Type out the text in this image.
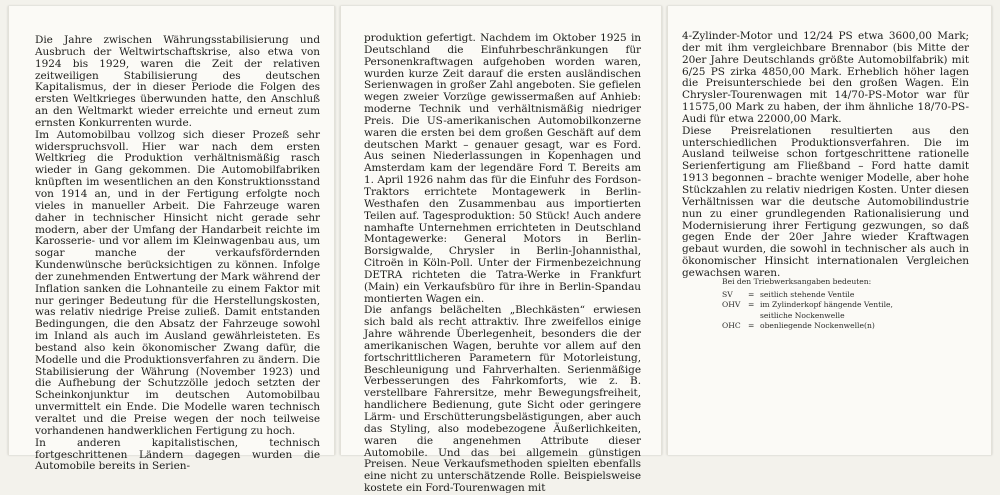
Die Jahre zwischen Währungsstabilisierung und Ausbruch der Weltwirtschaftskrise, also etwa von 1924 bis 1929, waren die Zeit der relativen zeitweiligen Stabilisierung des deutschen Kapitalismus, der in dieser Periode die Folgen des ersten Weltkrieges überwunden hatte, den Anschluß an den Weltmarkt wieder erreichte und erneut zum ernsten Konkurrenten wurde.

Im Automobilbau vollzog sich dieser Prozeß sehr widerspruchsvoll. Hier war nach dem ersten Weltkrieg die Produktion verhältnismäßig rasch wieder in Gang gekommen. Die Automobilfabriken knüpften im wesentlichen an den Konstruktionsstand von 1914 an, und in der Fertigung erfolgte noch vieles in manueller Arbeit. Die Fahrzeuge waren daher in technischer Hinsicht nicht gerade sehr modern, aber der Umfang der Handarbeit reichte im Karosserie- und vor allem im Kleinwagenbau aus, um sogar manche der verkaufsfördernden Kundenwünsche berücksichtigen zu können. Infolge der zunehmenden Entwertung der Mark während der Inflation sanken die Lohnanteile zu einem Faktor mit nur geringer Bedeutung für die Herstellungskosten, was relativ niedrige Preise zuließ. Damit entstanden Bedingungen, die den Absatz der Fahrzeuge sowohl im Inland als auch im Ausland gewährleisteten. Es bestand also kein ökonomischer Zwang dafür, die Modelle und die Produktionsverfahren zu ändern. Die Stabilisierung der Währung (November 1923) und die Aufhebung der Schutzzölle jedoch setzten der Scheinkonjunktur im deutschen Automobilbau unvermittelt ein Ende. Die Modelle waren technisch veraltet und die Preise wegen der noch teilweise vorhandenen handwerklichen Fertigung zu hoch.

In anderen kapitalistischen, technisch fortgeschrittenen Ländern dagegen wurden die Automobile bereits in Serien-

produktion gefertigt. Nachdem im Oktober 1925 in Deutschland die Einfuhrbeschränkungen für Personenkraftwagen aufgehoben worden waren, wurden kurze Zeit darauf die ersten ausländischen Serienwagen in großer Zahl angeboten. Sie gefielen wegen zweier Vorzüge gewissermaßen auf Anhieb: moderne Technik und verhältnismäßig niedriger Preis. Die US-amerikanischen Automobilkonzerne waren die ersten bei dem großen Geschäft auf dem deutschen Markt – genauer gesagt, war es Ford. Aus seinen Niederlassungen in Kopenhagen und Amsterdam kam der legendäre Ford T. Bereits am 1. April 1926 nahm das für die Einfuhr des Fordson-Traktors errichtete Montagewerk in Berlin-Westhafen den Zusammenbau aus importierten Teilen auf. Tagesproduktion: 50 Stück! Auch andere namhafte Unternehmen errichteten in Deutschland Montagewerke: General Motors in Berlin-Borsigwalde, Chrysler in Berlin-Johannisthal, Citroën in Köln-Poll. Unter der Firmenbezeichnung DETRA richteten die Tatra-Werke in Frankfurt (Main) ein Verkaufsbüro für ihre in Berlin-Spandau montierten Wagen ein.

Die anfangs belächelten „Blechkästen“ erwiesen sich bald als recht attraktiv. Ihre zweifellos einige Jahre währende Überlegenheit, besonders die der amerikanischen Wagen, beruhte vor allem auf den fortschrittlicheren Parametern für Motorleistung, Beschleunigung und Fahrverhalten. Serienmäßige Verbesserungen des Fahrkomforts, wie z. B. verstellbare Fahrersitze, mehr Bewegungsfreiheit, handlichere Bedienung, gute Sicht oder geringere Lärm- und Erschütterungsbelästigungen, aber auch das Styling, also modebezogene Äußerlichkeiten, waren die angenehmen Attribute dieser Automobile. Und das bei allgemein günstigen Preisen. Neue Verkaufsmethoden spielten ebenfalls eine nicht zu unterschätzende Rolle. Beispielsweise kostete ein Ford-Tourenwagen mit

4-Zylinder-Motor und 12/24 PS etwa 3600,00 Mark; der mit ihm vergleichbare Brennabor (bis Mitte der 20er Jahre Deutschlands größte Automobilfabrik) mit 6/25 PS zirka 4850,00 Mark. Erheblich höher lagen die Preisunterschiede bei den großen Wagen. Ein Chrysler-Tourenwagen mit 14/70-PS-Motor war für 11575,00 Mark zu haben, der ihm ähnliche 18/70-PS-Audi für etwa 22000,00 Mark.

Diese Preisrelationen resultierten aus den unterschiedlichen Produktionsverfahren. Die im Ausland teilweise schon fortgeschrittene rationelle Serienfertigung am Fließband – Ford hatte damit 1913 begonnen – brachte weniger Modelle, aber hohe Stückzahlen zu relativ niedrigen Kosten. Unter diesen Verhältnissen war die deutsche Automobilindustrie nun zu einer grundlegenden Rationalisierung und Modernisierung ihrer Fertigung gezwungen, so daß gegen Ende der 20er Jahre wieder Kraftwagen gebaut wurden, die sowohl in technischer als auch in ökonomischer Hinsicht internationalen Vergleichen gewachsen waren.

Bei den Triebwerksangaben bedeuten:
SV	=	seitlich stehende Ventile
OHV	=	im Zylinderkopf hängende Ventile,
		seitliche Nockenwelle
OHC	=	obenliegende Nockenwelle(n)
